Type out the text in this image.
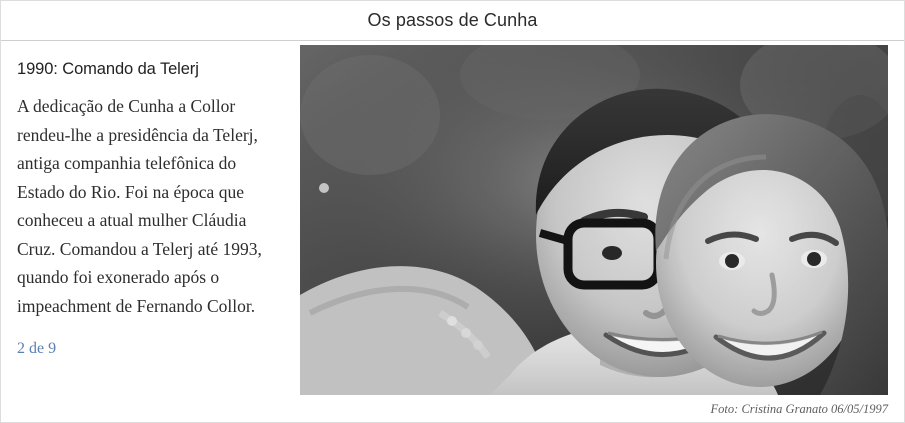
Os passos de Cunha
1990: Comando da Telerj

A dedicação de Cunha a Collor rendeu-lhe a presidência da Telerj, antiga companhia telefônica do Estado do Rio. Foi na época que conheceu a atual mulher Cláudia Cruz. Comandou a Telerj até 1993, quando foi exonerado após o impeachment de Fernando Collor.

2 de 9
Foto: Cristina Granato 06/05/1997
